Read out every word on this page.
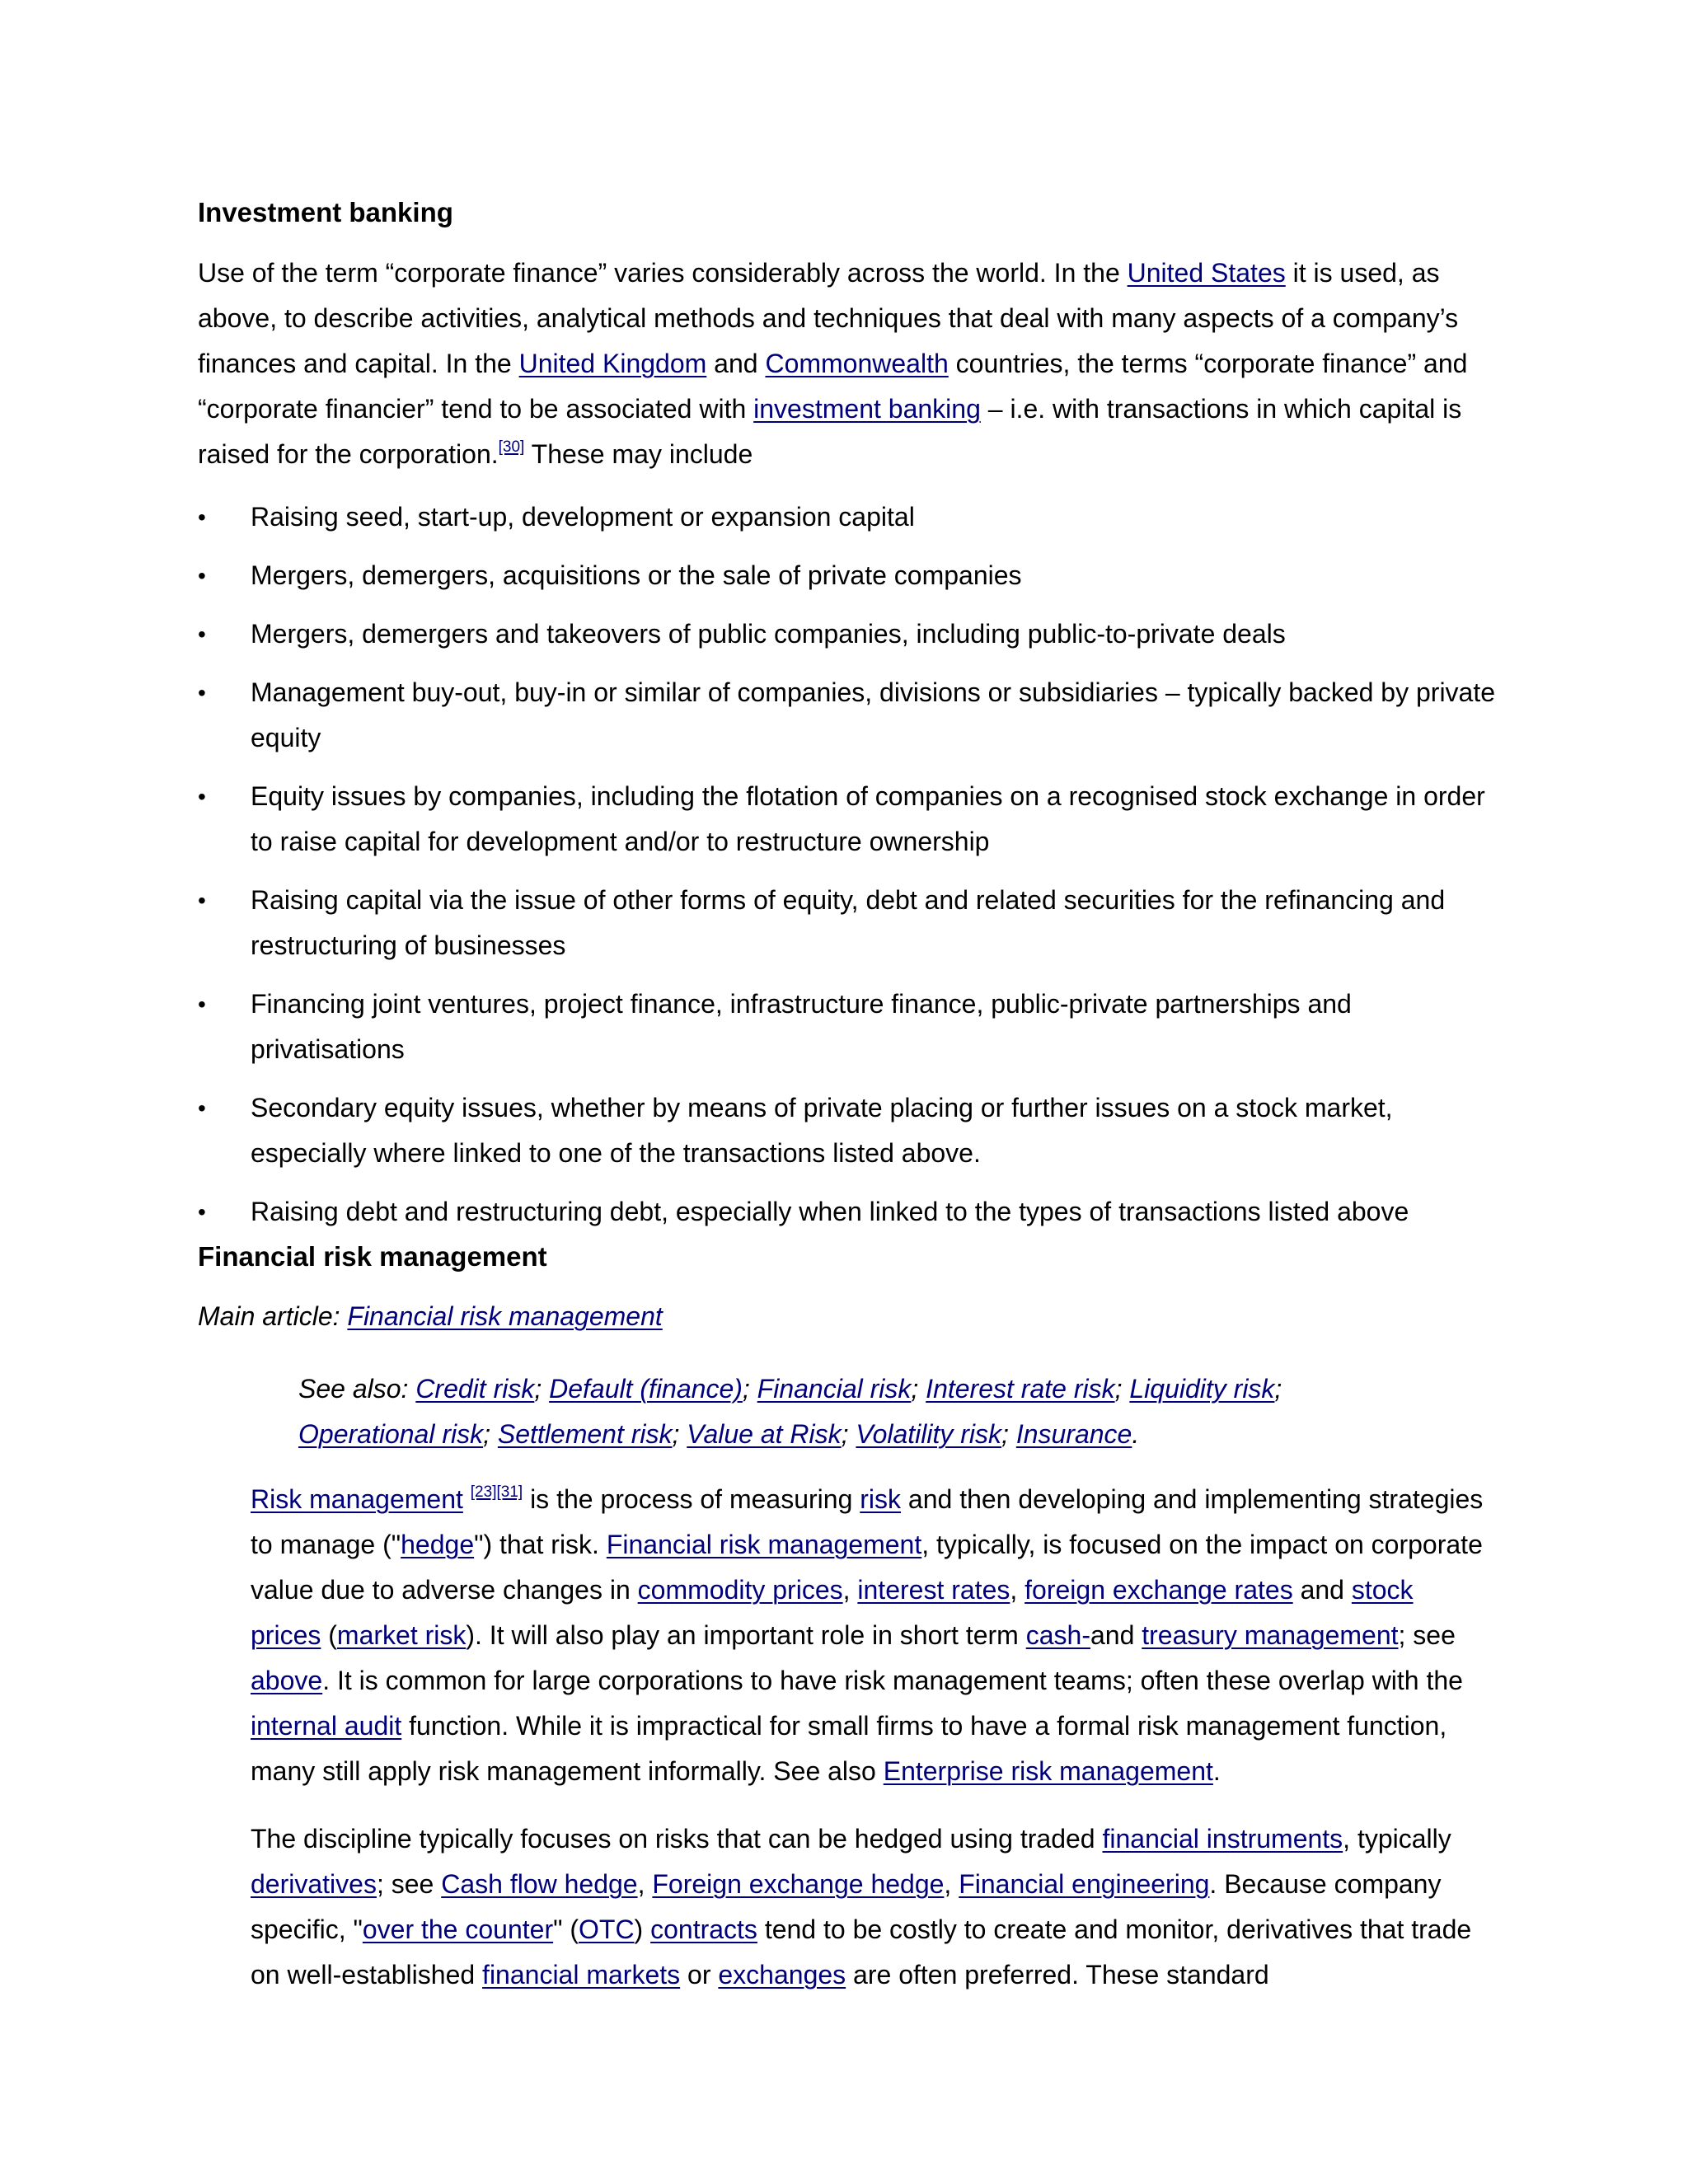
Investment banking

Use of the term “corporate finance” varies considerably across the world. In the United States it is used, as above, to describe activities, analytical methods and techniques that deal with many aspects of a company’s finances and capital. In the United Kingdom and Commonwealth countries, the terms “corporate finance” and “corporate financier” tend to be associated with investment banking – i.e. with transactions in which capital is raised for the corporation.[30] These may include

• Raising seed, start-up, development or expansion capital
• Mergers, demergers, acquisitions or the sale of private companies
• Mergers, demergers and takeovers of public companies, including public-to-private deals
• Management buy-out, buy-in or similar of companies, divisions or subsidiaries – typically backed by private equity
• Equity issues by companies, including the flotation of companies on a recognised stock exchange in order to raise capital for development and/or to restructure ownership
• Raising capital via the issue of other forms of equity, debt and related securities for the refinancing and restructuring of businesses
• Financing joint ventures, project finance, infrastructure finance, public-private partnerships and privatisations
• Secondary equity issues, whether by means of private placing or further issues on a stock market, especially where linked to one of the transactions listed above.
• Raising debt and restructuring debt, especially when linked to the types of transactions listed above
Financial risk management
Main article: Financial risk management
See also: Credit risk; Default (finance); Financial risk; Interest rate risk; Liquidity risk; Operational risk; Settlement risk; Value at Risk; Volatility risk; Insurance.

Risk management [23][31] is the process of measuring risk and then developing and implementing strategies to manage ("hedge") that risk. Financial risk management, typically, is focused on the impact on corporate value due to adverse changes in commodity prices, interest rates, foreign exchange rates and stock prices (market risk). It will also play an important role in short term cash-and treasury management; see above. It is common for large corporations to have risk management teams; often these overlap with the internal audit function. While it is impractical for small firms to have a formal risk management function, many still apply risk management informally. See also Enterprise risk management.

The discipline typically focuses on risks that can be hedged using traded financial instruments, typically derivatives; see Cash flow hedge, Foreign exchange hedge, Financial engineering. Because company specific, "over the counter" (OTC) contracts tend to be costly to create and monitor, derivatives that trade on well-established financial markets or exchanges are often preferred. These standard
